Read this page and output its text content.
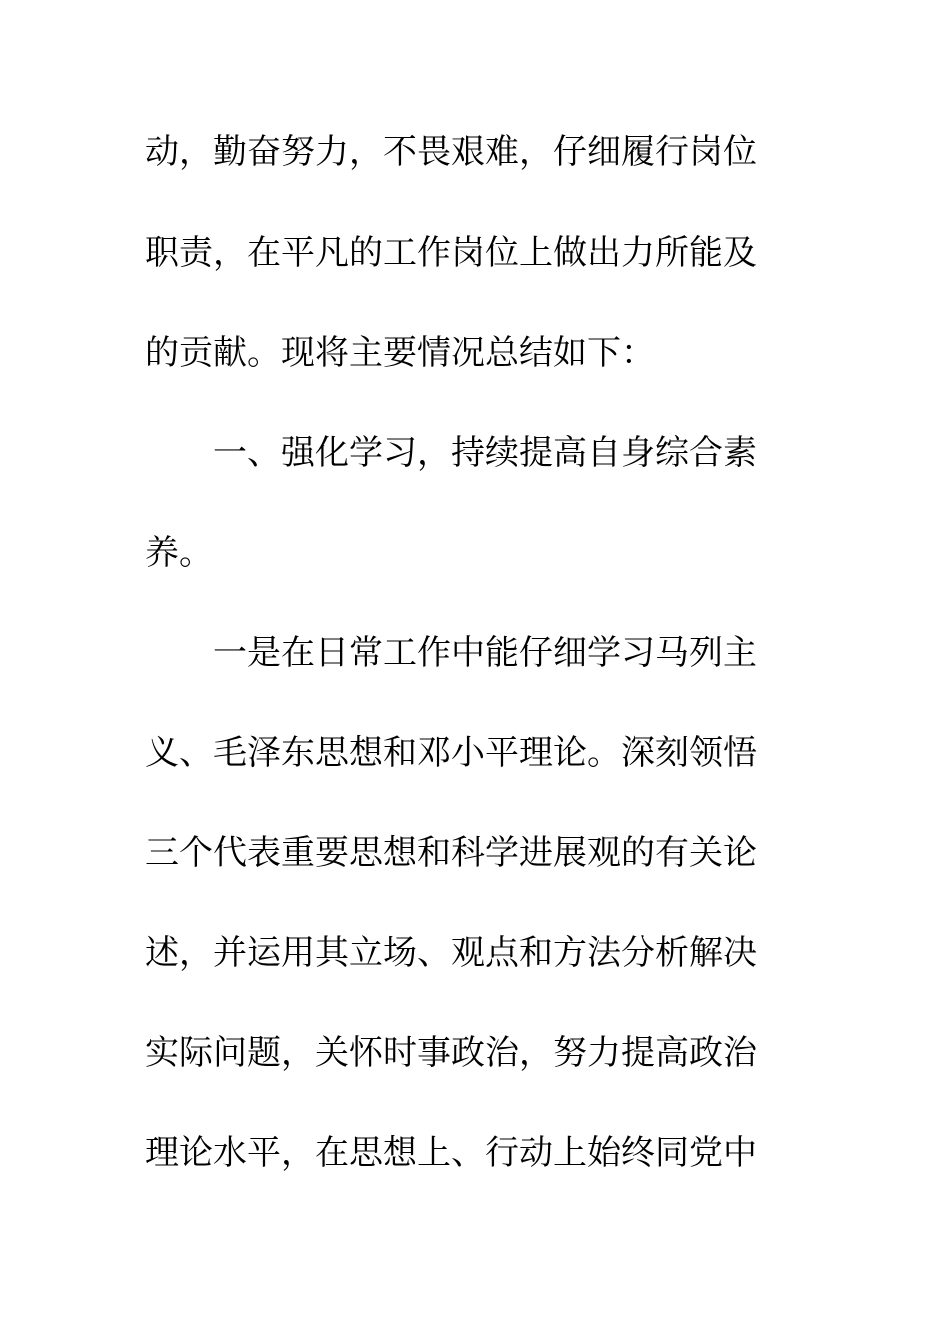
动，勤奋努力，不畏艰难，仔细履行岗位
职责，在平凡的工作岗位上做出力所能及
的贡献。现将主要情况总结如下：
　　一、强化学习，持续提高自身综合素
养。
　　一是在日常工作中能仔细学习马列主
义、毛泽东思想和邓小平理论。深刻领悟
三个代表重要思想和科学进展观的有关论
述，并运用其立场、观点和方法分析解决
实际问题，关怀时事政治，努力提高政治
理论水平，在思想上、行动上始终同党中
